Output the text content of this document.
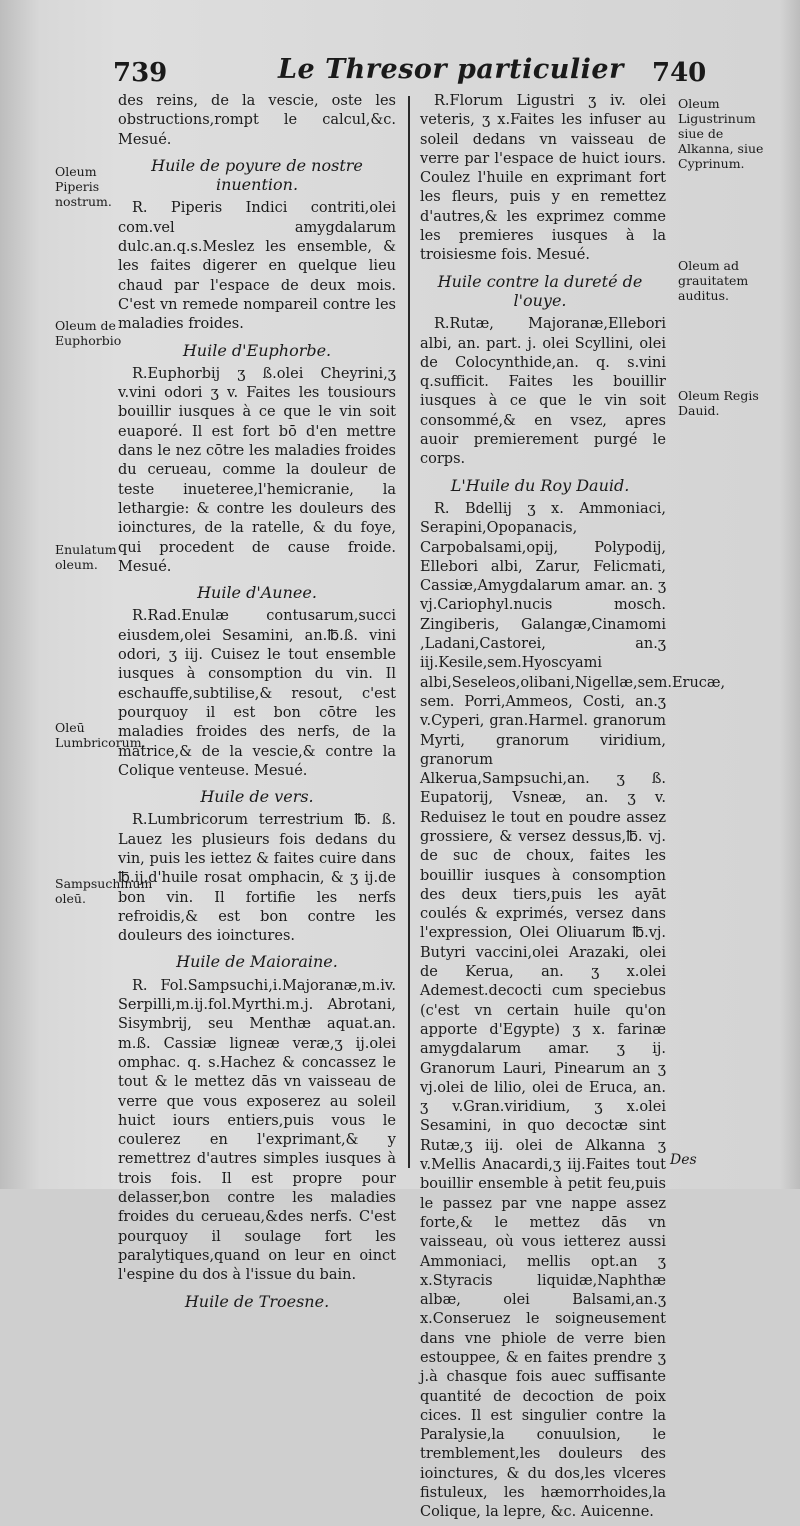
739	Le Thresor particulier 740

des reins, de la vescie, oste les obstructions,rompt le calcul,&c. Mesué.

Huile de poyure de nostre inuention.

R. Piperis Indici contriti,olei com.vel amygdalarum dulc.an.q.s.Meslez les ensemble, & les faites digerer en quelque lieu chaud par l'espace de deux mois. C'est vn remede nompareil contre les maladies froides.

Huile d'Euphorbe.

R.Euphorbij ʒ ß.olei Cheyrini,ʒ v.vini odori ʒ v. Faites les tousiours bouillir iusques à ce que le vin soit euaporé. Il est fort bō d'en mettre dans le nez cōtre les maladies froides du cerueau, comme la douleur de teste inueteree,l'hemicranie, la lethargie: & contre les douleurs des ioinctures, de la ratelle, & du foye, qui procedent de cause froide. Mesué.

Huile d'Aunee.

R.Rad.Enulæ contusarum,succi eiusdem,olei Sesamini, an.℔.ß. vini odori, ʒ iij. Cuisez le tout ensemble iusques à consomption du vin. Il eschauffe,subtilise,& resout, c'est pourquoy il est bon cōtre les maladies froides des nerfs, de la matrice,& de la vescie,& contre la Colique venteuse. Mesué.

Huile de vers.

R.Lumbricorum terrestrium ℔. ß. Lauez les plusieurs fois dedans du vin, puis les iettez & faites cuire dans ℔.ij.d'huile rosat omphacin, & ʒ ij.de bon vin. Il fortifie les nerfs refroidis,& est bon contre les douleurs des ioinctures.

Huile de Maioraine.

R. Fol.Sampsuchi,i.Majoranæ,m.iv. Serpilli,m.ij.fol.Myrthi.m.j. Abrotani, Sisymbrij, seu Menthæ aquat.an. m.ß. Cassiæ ligneæ veræ,ʒ ij.olei omphac. q. s.Hachez & concassez le tout & le mettez dās vn vaisseau de verre que vous exposerez au soleil huict iours entiers,puis vous le coulerez en l'exprimant,& y remettrez d'autres simples iusques à trois fois. Il est propre pour delasser,bon contre les maladies froides du cerueau,&des nerfs. C'est pourquoy il soulage fort les paralytiques,quand on leur en oinct l'espine du dos à l'issue du bain.

Huile de Troesne.
Oleum Piperis nostrum.
Oleum de Euphorbio
Enulatum oleum.
Oleū Lumbricorum.
Sampsuchinum oleū.

R.Florum Ligustri ʒ iv. olei veteris, ʒ x.Faites les infuser au soleil dedans vn vaisseau de verre par l'espace de huict iours. Coulez l'huile en exprimant fort les fleurs, puis y en remettez d'autres,& les exprimez comme les premieres iusques à la troisiesme fois. Mesué.

Huile contre la dureté de l'ouye.

R.Rutæ, Majoranæ,Ellebori albi, an. part. j. olei Scyllini, olei de Colocynthide,an. q. s.vini q.sufficit. Faites les bouillir iusques à ce que le vin soit consommé,& en vsez, apres auoir premierement purgé le corps.

L'Huile du Roy Dauid.

R. Bdellij ʒ x. Ammoniaci, Serapini,Opopanacis, Carpobalsami,opij, Polypodij, Ellebori albi, Zarur, Felicmati, Cassiæ,Amygdalarum amar. an. ʒ vj.Cariophyl.nucis mosch. Zingiberis, Galangæ,Cinamomi ,Ladani,Castorei, an.ʒ iij.Kesile,sem.Hyoscyami albi,Seseleos,olibani,Nigellæ,sem.Erucæ, sem. Porri,Ammeos, Costi, an.ʒ v.Cyperi, gran.Harmel. granorum Myrti, granorum viridium, granorum Alkerua,Sampsuchi,an. ʒ ß. Eupatorij, Vsneæ, an. ʒ v. Reduisez le tout en poudre assez grossiere, & versez dessus,℔. vj. de suc de choux, faites les bouillir iusques à consomption des deux tiers,puis les ayāt coulés & exprimés, versez dans l'expression, Olei Oliuarum ℔.vj. Butyri vaccini,olei Arazaki, olei de Kerua, an. ʒ x.olei Ademest.decocti cum speciebus (c'est vn certain huile qu'on apporte d'Egypte) ʒ x. farinæ amygdalarum amar. ʒ ij. Granorum Lauri, Pinearum an ʒ vj.olei de lilio, olei de Eruca, an. ʒ v.Gran.viridium, ʒ x.olei Sesamini, in quo decoctæ sint Rutæ,ʒ iij. olei de Alkanna ʒ v.Mellis Anacardi,ʒ iij.Faites tout bouillir ensemble à petit feu,puis le passez par vne nappe assez forte,& le mettez dās vn vaisseau, où vous ietterez aussi Ammoniaci, mellis opt.an ʒ x.Styracis liquidæ,Naphthæ albæ, olei Balsami,an.ʒ x.Conseruez le soigneusement dans vne phiole de verre bien estouppee, & en faites prendre ʒ j.à chasque fois auec suffisante quantité de decoction de poix cices. Il est singulier contre la Paralysie,la conuulsion, le tremblement,les douleurs des ioinctures, & du dos,les vlceres fistuleux, les hæmorrhoides,la Colique, la lepre, &c. Auicenne.

Oleum Ligustrinum siue de Alkanna, siue Cyprinum.
Oleum ad grauitatem auditus.
Oleum Regis Dauid.
Des
